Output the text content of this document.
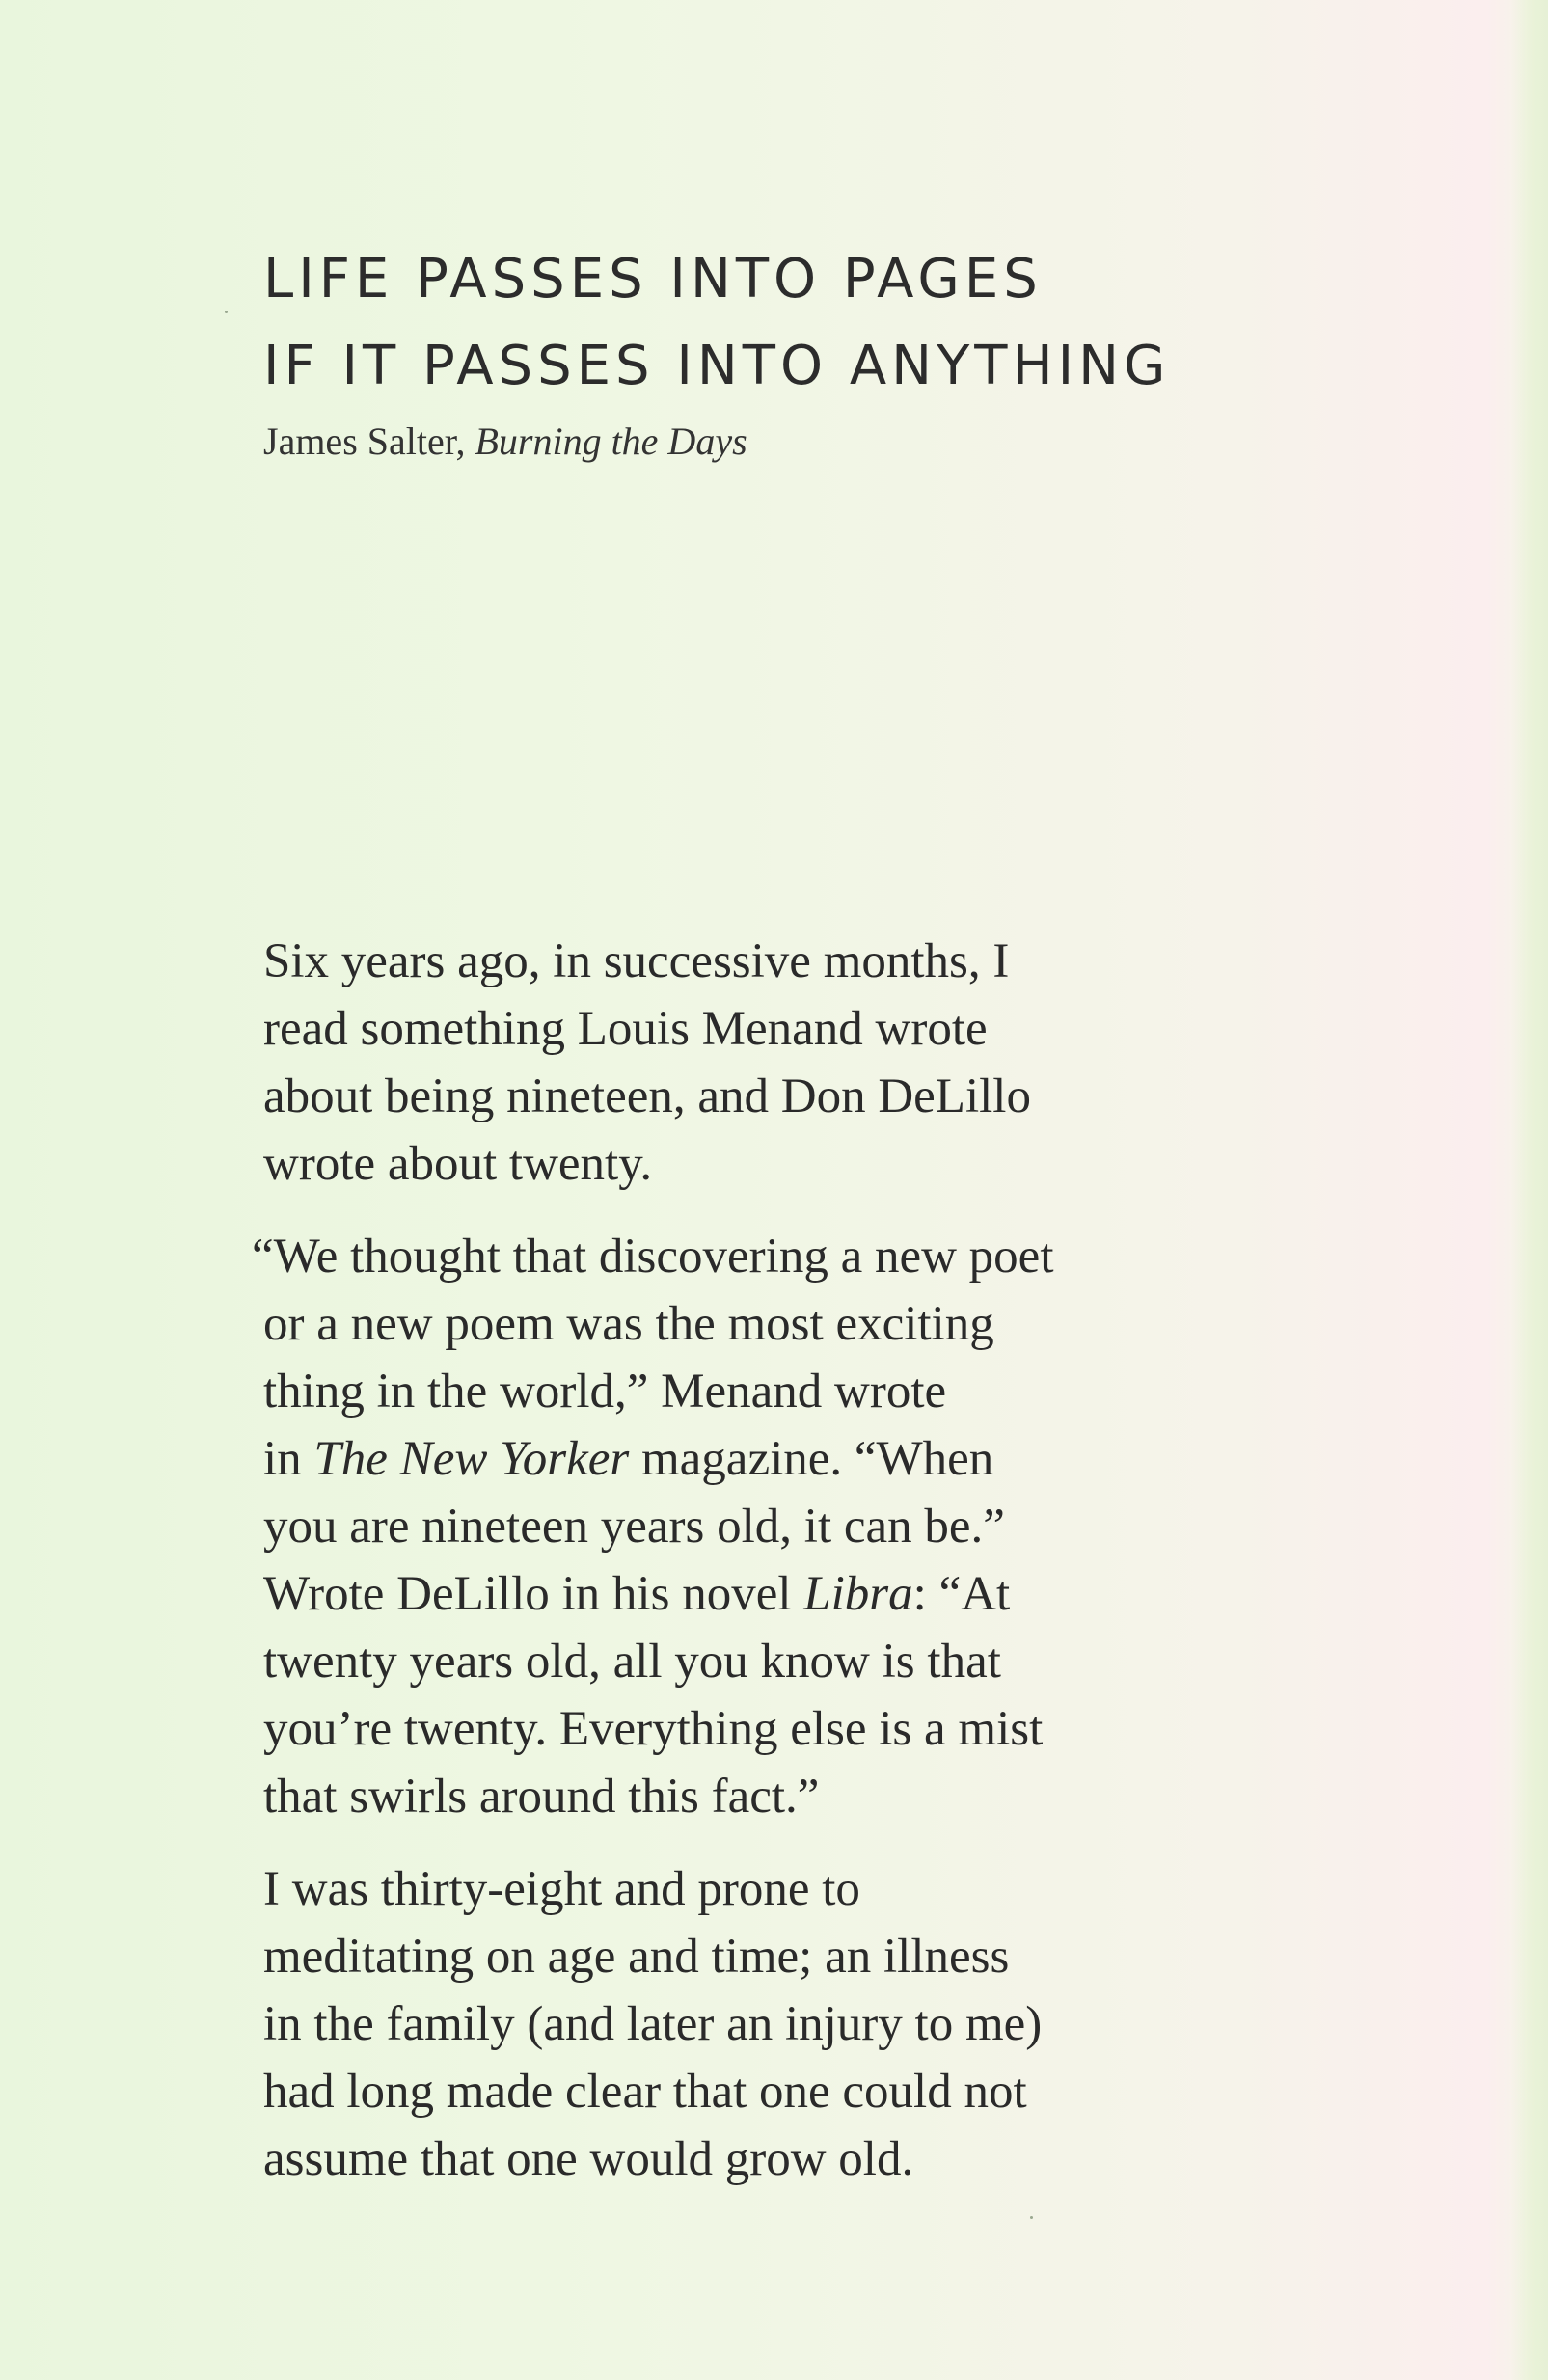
LIFE PASSES INTO PAGES
IF IT PASSES INTO ANYTHING
James Salter, Burning the Days
Six years ago, in successive months, I
read something Louis Menand wrote
about being nineteen, and Don DeLillo
wrote about twenty.
“We thought that discovering a new poet
or a new poem was the most exciting
thing in the world,” Menand wrote
in The New Yorker magazine. “When
you are nineteen years old, it can be.”
Wrote DeLillo in his novel Libra: “At
twenty years old, all you know is that
you’re twenty. Everything else is a mist
that swirls around this fact.”
I was thirty-eight and prone to
meditating on age and time; an illness
in the family (and later an injury to me)
had long made clear that one could not
assume that one would grow old.
